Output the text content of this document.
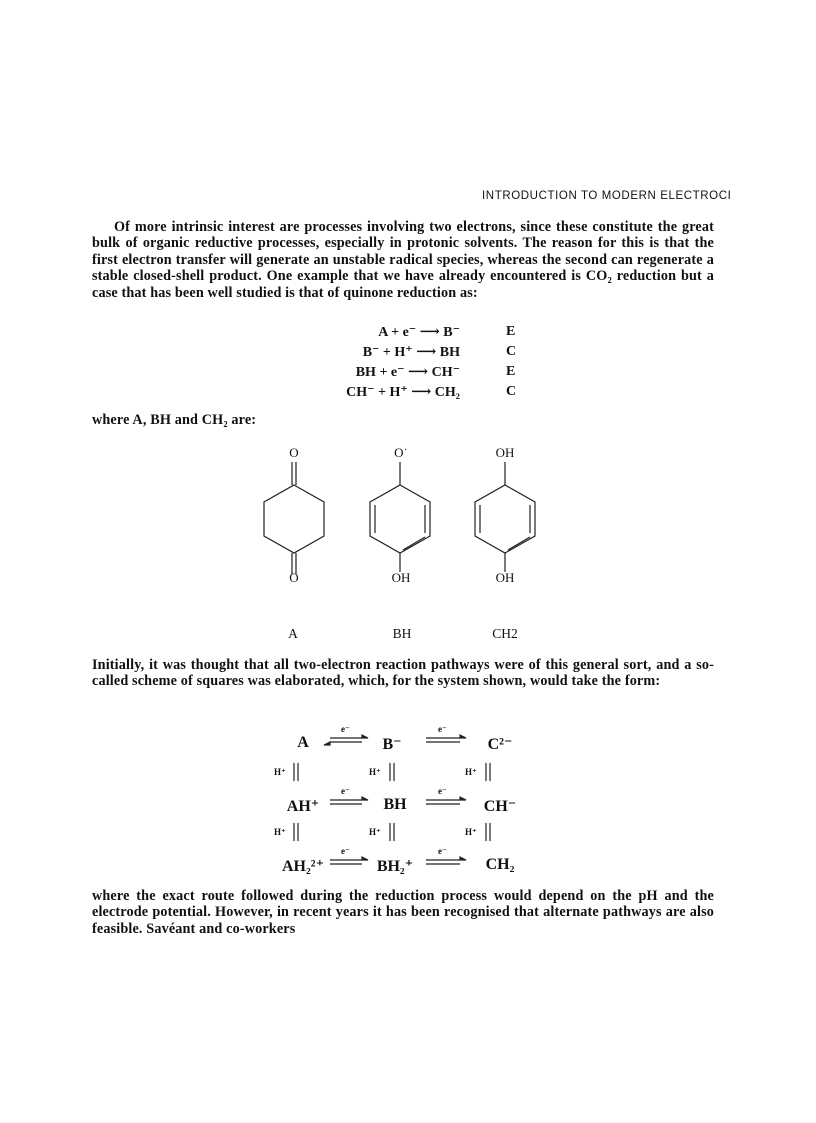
INTRODUCTION TO MODERN ELECTROCI

Of more intrinsic interest are processes involving two electrons, since these constitute the great bulk of organic reductive processes, especially in protonic solvents. The reason for this is that the first electron transfer will generate an unstable radical species, whereas the second can regenerate a stable closed-shell product. One example that we have already encountered is CO₂ reduction but a case that has been well studied is that of quinone reduction as:

A + e⁻ ⟶ B⁻	E
B⁻ + H⁺ ⟶ BH	C
BH + e⁻ ⟶ CH⁻	E
CH⁻ + H⁺ ⟶ CH₂	C
where A, BH and CH₂ are:
O
O
O˙
OH
OH
OH
A	BH	CH2

Initially, it was thought that all two-electron reaction pathways were of this general sort, and a so-called scheme of squares was elaborated, which, for the system shown, would take the form:

A	B⁻	C²⁻
AH⁺	BH	CH⁻
AH₂²⁺	BH₂⁺	CH₂
e⁻	e⁻
e⁻	e⁻
e⁻	e⁻
H⁺	H⁺	H⁺
H⁺	H⁺	H⁺

where the exact route followed during the reduction process would depend on the pH and the electrode potential. However, in recent years it has been recognised that alternate pathways are also feasible. Savéant and co-workers
